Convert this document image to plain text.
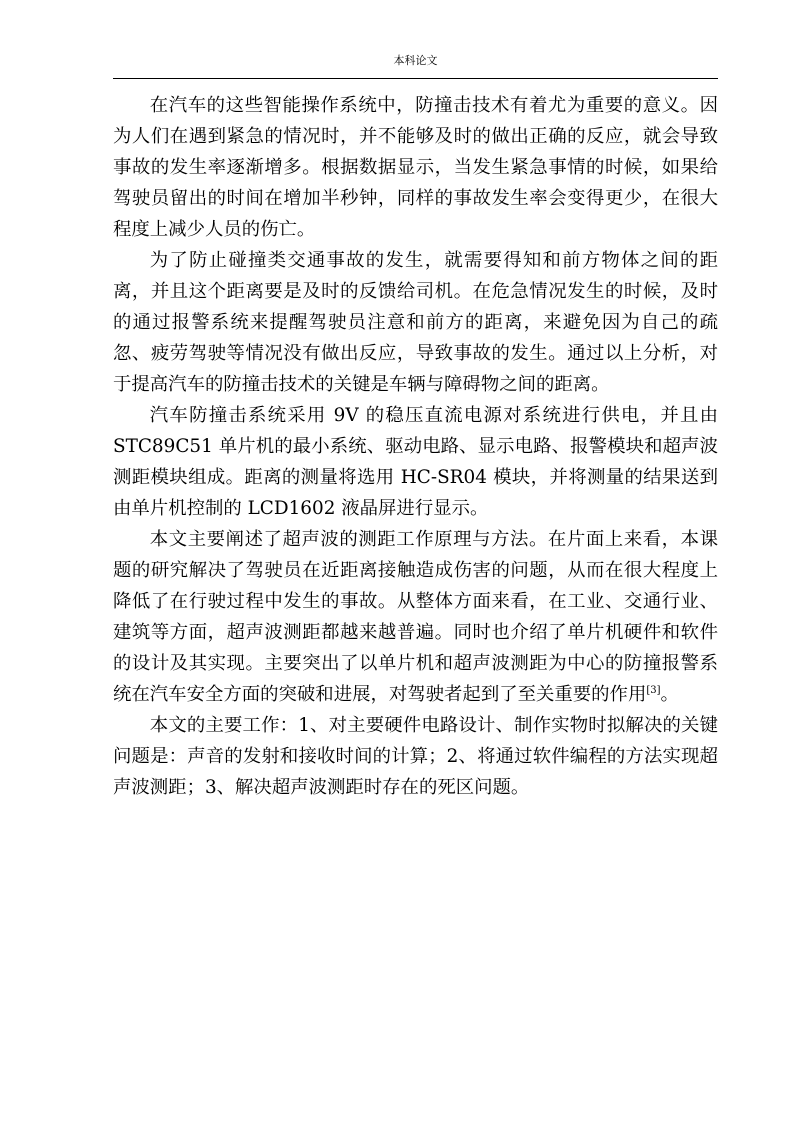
本科论文

在汽车的这些智能操作系统中，防撞击技术有着尤为重要的意义。因为人们在遇到紧急的情况时，并不能够及时的做出正确的反应，就会导致事故的发生率逐渐增多。根据数据显示，当发生紧急事情的时候，如果给驾驶员留出的时间在增加半秒钟，同样的事故发生率会变得更少，在很大程度上减少人员的伤亡。

为了防止碰撞类交通事故的发生，就需要得知和前方物体之间的距离，并且这个距离要是及时的反馈给司机。在危急情况发生的时候，及时的通过报警系统来提醒驾驶员注意和前方的距离，来避免因为自己的疏忽、疲劳驾驶等情况没有做出反应，导致事故的发生。通过以上分析，对于提高汽车的防撞击技术的关键是车辆与障碍物之间的距离。

汽车防撞击系统采用 9V 的稳压直流电源对系统进行供电，并且由 STC89C51 单片机的最小系统、驱动电路、显示电路、报警模块和超声波测距模块组成。距离的测量将选用 HC-SR04 模块，并将测量的结果送到由单片机控制的 LCD1602 液晶屏进行显示。

本文主要阐述了超声波的测距工作原理与方法。在片面上来看，本课题的研究解决了驾驶员在近距离接触造成伤害的问题，从而在很大程度上降低了在行驶过程中发生的事故。从整体方面来看，在工业、交通行业、建筑等方面，超声波测距都越来越普遍。同时也介绍了单片机硬件和软件的设计及其实现。主要突出了以单片机和超声波测距为中心的防撞报警系统在汽车安全方面的突破和进展，对驾驶者起到了至关重要的作用[3]。

本文的主要工作：1、对主要硬件电路设计、制作实物时拟解决的关键问题是：声音的发射和接收时间的计算；2、将通过软件编程的方法实现超声波测距；3、解决超声波测距时存在的死区问题。
